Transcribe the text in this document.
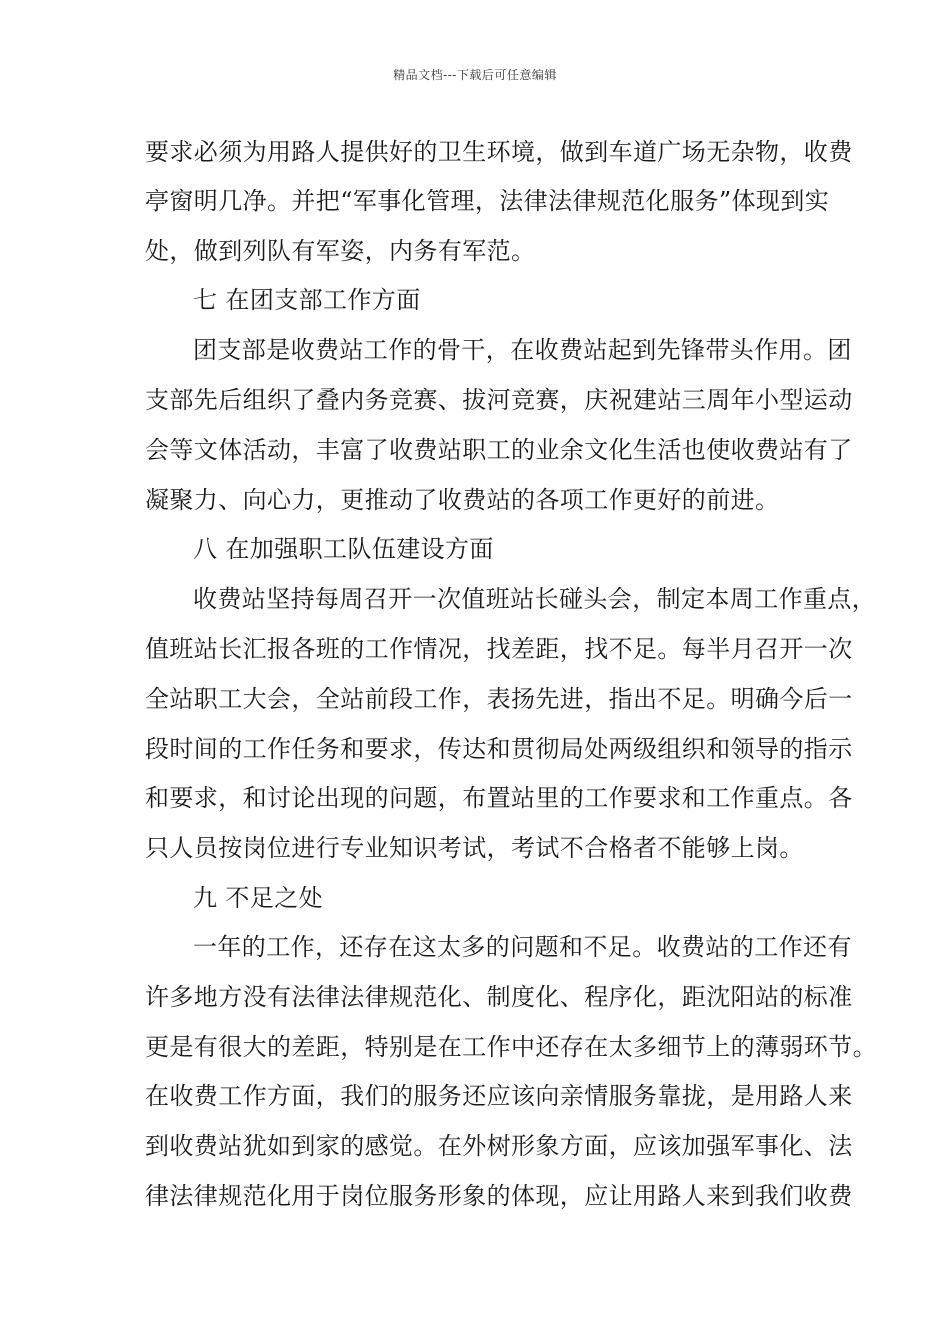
精品文档---下载后可任意编辑
要求必须为用路人提供好的卫生环境，做到车道广场无杂物，收费
亭窗明几净。并把“军事化管理，法律法律规范化服务”体现到实
处，做到列队有军姿，内务有军范。
七 在团支部工作方面
团支部是收费站工作的骨干，在收费站起到先锋带头作用。团
支部先后组织了叠内务竞赛、拔河竞赛，庆祝建站三周年小型运动
会等文体活动，丰富了收费站职工的业余文化生活也使收费站有了
凝聚力、向心力，更推动了收费站的各项工作更好的前进。
八 在加强职工队伍建设方面
收费站坚持每周召开一次值班站长碰头会，制定本周工作重点，
值班站长汇报各班的工作情况，找差距，找不足。每半月召开一次
全站职工大会，全站前段工作，表扬先进，指出不足。明确今后一
段时间的工作任务和要求，传达和贯彻局处两级组织和领导的指示
和要求，和讨论出现的问题，布置站里的工作要求和工作重点。各
只人员按岗位进行专业知识考试，考试不合格者不能够上岗。
九 不足之处
一年的工作，还存在这太多的问题和不足。收费站的工作还有
许多地方没有法律法律规范化、制度化、程序化，距沈阳站的标准
更是有很大的差距，特别是在工作中还存在太多细节上的薄弱环节。
在收费工作方面，我们的服务还应该向亲情服务靠拢，是用路人来
到收费站犹如到家的感觉。在外树形象方面，应该加强军事化、法
律法律规范化用于岗位服务形象的体现，应让用路人来到我们收费
